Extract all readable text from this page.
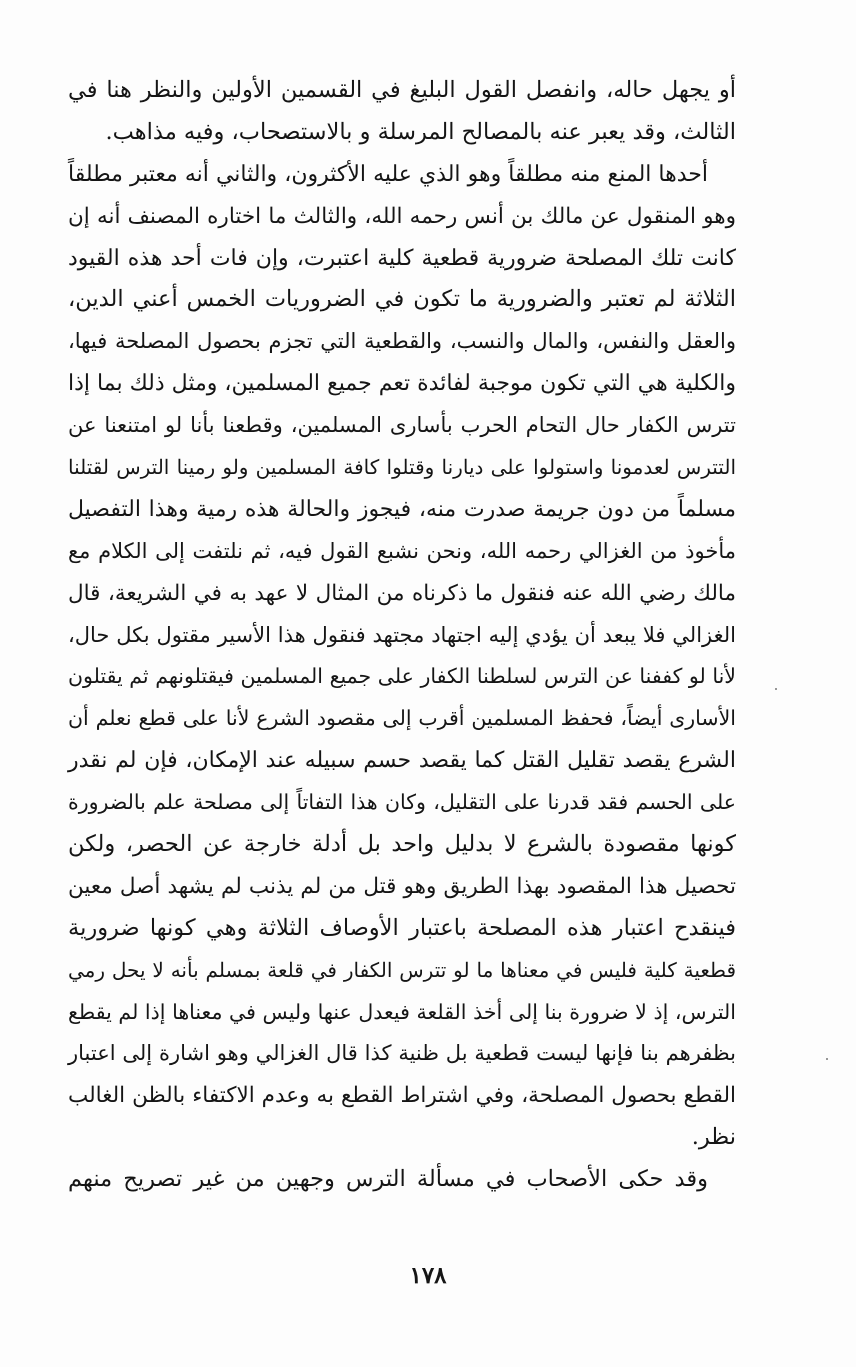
أو يجهل حاله، وانفصل القول البليغ في القسمين الأولين والنظر هنا في
الثالث، وقد يعبر عنه بالمصالح المرسلة و بالاستصحاب، وفيه مذاهب.
أحدها المنع منه مطلقاً وهو الذي عليه الأكثرون، والثاني أنه معتبر مطلقاً
وهو المنقول عن مالك بن أنس رحمه الله، والثالث ما اختاره المصنف أنه إن
كانت تلك المصلحة ضرورية قطعية كلية اعتبرت، وإن فات أحد هذه القيود
الثلاثة لم تعتبر والضرورية ما تكون في الضروريات الخمس أعني الدين،
والعقل والنفس، والمال والنسب، والقطعية التي تجزم بحصول المصلحة فيها،
والكلية هي التي تكون موجبة لفائدة تعم جميع المسلمين، ومثل ذلك بما إذا
تترس الكفار حال التحام الحرب بأسارى المسلمين، وقطعنا بأنا لو امتنعنا عن
التترس لعدمونا واستولوا على ديارنا وقتلوا كافة المسلمين ولو رمينا الترس لقتلنا
مسلماً من دون جريمة صدرت منه، فيجوز والحالة هذه رمية وهذا التفصيل
مأخوذ من الغزالي رحمه الله، ونحن نشبع القول فيه، ثم نلتفت إلى الكلام مع
مالك رضي الله عنه فنقول ما ذكرناه من المثال لا عهد به في الشريعة، قال
الغزالي فلا يبعد أن يؤدي إليه اجتهاد مجتهد فنقول هذا الأسير مقتول بكل حال،
لأنا لو كففنا عن الترس لسلطنا الكفار على جميع المسلمين فيقتلونهم ثم يقتلون
الأسارى أيضاً، فحفظ المسلمين أقرب إلى مقصود الشرع لأنا على قطع نعلم أن
الشرع يقصد تقليل القتل كما يقصد حسم سبيله عند الإمكان، فإن لم نقدر
على الحسم فقد قدرنا على التقليل، وكان هذا التفاتاً إلى مصلحة علم بالضرورة
كونها مقصودة بالشرع لا بدليل واحد بل أدلة خارجة عن الحصر، ولكن
تحصيل هذا المقصود بهذا الطريق وهو قتل من لم يذنب لم يشهد أصل معين
فينقدح اعتبار هذه المصلحة باعتبار الأوصاف الثلاثة وهي كونها ضرورية
قطعية كلية فليس في معناها ما لو تترس الكفار في قلعة بمسلم بأنه لا يحل رمي
الترس، إذ لا ضرورة بنا إلى أخذ القلعة فيعدل عنها وليس في معناها إذا لم يقطع
بظفرهم بنا فإنها ليست قطعية بل ظنية كذا قال الغزالي وهو اشارة إلى اعتبار
القطع بحصول المصلحة، وفي اشتراط القطع به وعدم الاكتفاء بالظن الغالب
نظر.
وقد حكى الأصحاب في مسألة الترس وجهين من غير تصريح منهم
١٧٨
